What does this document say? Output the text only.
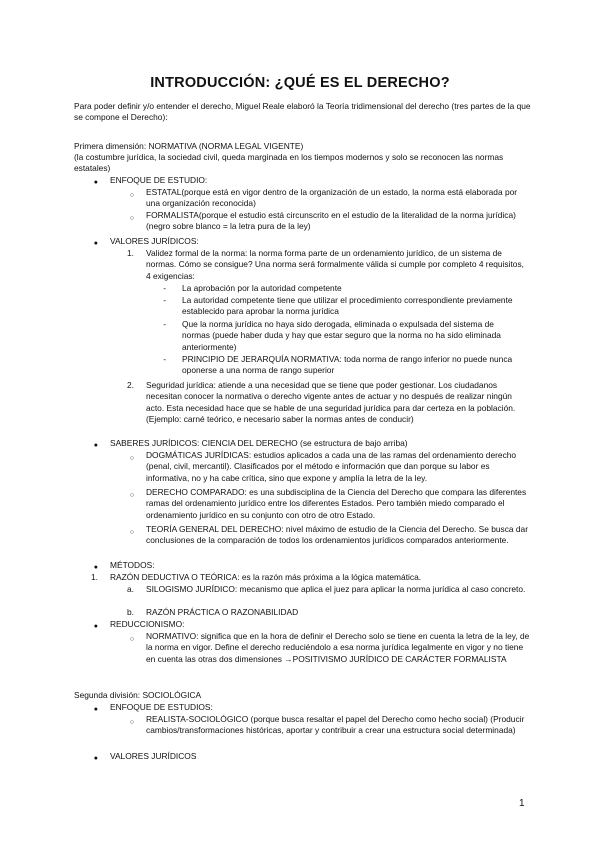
INTRODUCCIÓN: ¿QUÉ ES EL DERECHO?
Para poder definir y/o entender el derecho, Miguel Reale elaboró la Teoría tridimensional del derecho (tres partes de la que se compone el Derecho):
Primera dimensión: NORMATIVA (NORMA LEGAL VIGENTE)
(la costumbre jurídica, la sociedad civil, queda marginada en los tiempos modernos y solo se reconocen las normas estatales)
● ENFOQUE DE ESTUDIO:
○ ESTATAL(porque está en vigor dentro de la organización de un estado, la norma está elaborada por una organización reconocida)
○ FORMALISTA(porque el estudio está circunscrito en el estudio de la literalidad de la norma jurídica) (negro sobre blanco = la letra pura de la ley)
● VALORES JURÍDICOS:
1. Validez formal de la norma: la norma forma parte de un ordenamiento jurídico, de un sistema de normas. Cómo se consigue? Una norma será formalmente válida si cumple por completo 4 requisitos, 4 exigencias:
- La aprobación por la autoridad competente
- La autoridad competente tiene que utilizar el procedimiento correspondiente previamente establecido para aprobar la norma jurídica
- Que la norma jurídica no haya sido derogada, eliminada o expulsada del sistema de normas (puede haber duda y hay que estar seguro que la norma no ha sido eliminada anteriormente)
- PRINCIPIO DE JERARQUÍA NORMATIVA: toda norma de rango inferior no puede nunca oponerse a una norma de rango superior
2. Seguridad jurídica: atiende a una necesidad que se tiene que poder gestionar. Los ciudadanos necesitan conocer la normativa o derecho vigente antes de actuar y no después de realizar ningún acto. Esta necesidad hace que se hable de una seguridad jurídica para dar certeza en la población. (Ejemplo: carné teórico, e necesario saber la normas antes de conducir)
● SABERES JURÍDICOS: CIENCIA DEL DERECHO (se estructura de bajo arriba)
○ DOGMÁTICAS JURÍDICAS: estudios aplicados a cada una de las ramas del ordenamiento derecho (penal, civil, mercantil). Clasificados por el método e información que dan porque su labor es informativa, no y ha cabe crítica, sino que expone y amplía la letra de la ley.
○ DERECHO COMPARADO: es una subdisciplina de la Ciencia del Derecho que compara las diferentes ramas del ordenamiento jurídico entre los diferentes Estados. Pero también miedo comparado el ordenamiento jurídico en su conjunto con otro de otro Estado.
○ TEORÍA GENERAL DEL DERECHO: nivel máximo de estudio de la Ciencia del Derecho. Se busca dar conclusiones de la comparación de todos los ordenamientos jurídicos comparados anteriormente.
● MÉTODOS:
1. RAZÓN DEDUCTIVA O TEÓRICA: es la razón más próxima a la lógica matemática.
a. SILOGISMO JURÍDICO: mecanismo que aplica el juez para aplicar la norma jurídica al caso concreto.
b. RAZÓN PRÁCTICA O RAZONABILIDAD
● REDUCCIONISMO:
○ NORMATIVO: significa que en la hora de definir el Derecho solo se tiene en cuenta la letra de la ley, de la norma en vigor. Define el derecho reduciéndolo a esa norma jurídica legalmente en vigor y no tiene en cuenta las otras dos dimensiones →POSITIVISMO JURÍDICO DE CARÁCTER FORMALISTA
Segunda división: SOCIOLÓGICA
● ENFOQUE DE ESTUDIOS:
○ REALISTA-SOCIOLÓGICO (porque busca resaltar el papel del Derecho como hecho social) (Producir cambios/transformaciones históricas, aportar y contribuir a crear una estructura social determinada)
● VALORES JURÍDICOS
1
